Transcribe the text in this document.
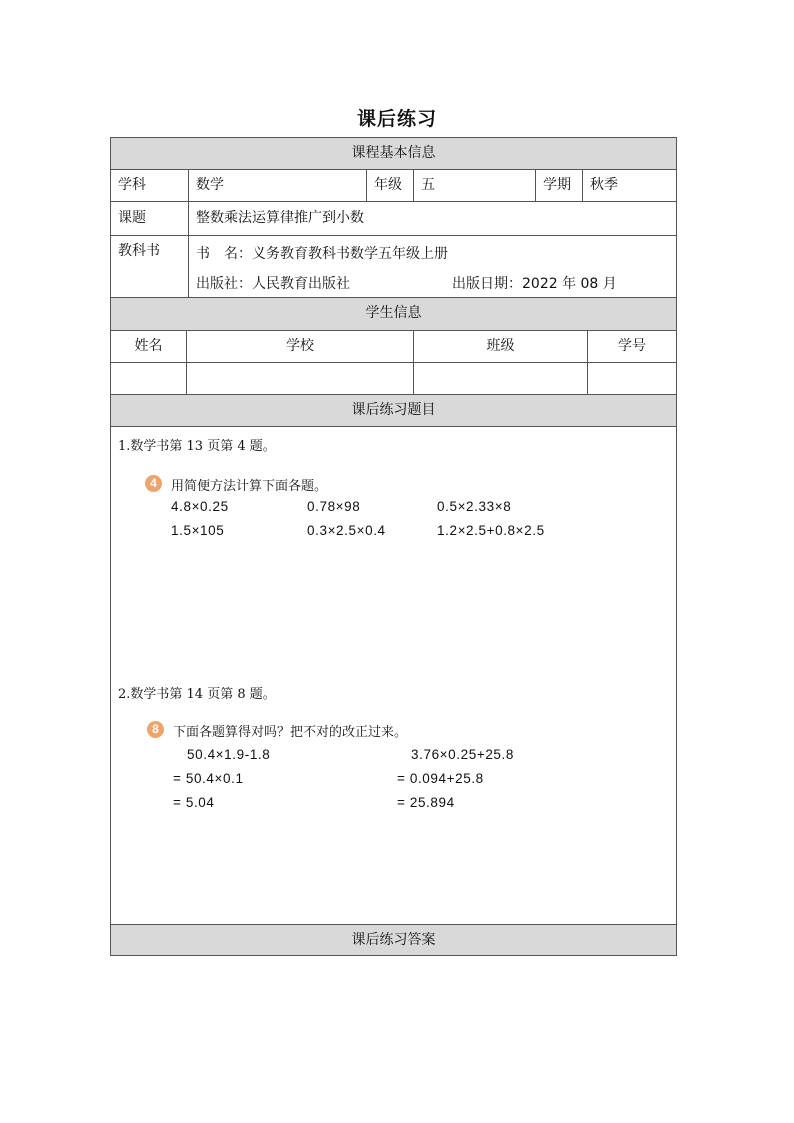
课后练习
课程基本信息
学科	数学	年级	五	学期	秋季
课题	整数乘法运算律推广到小数
教科书	书　名：义务教育教科书数学五年级上册
出版社：人民教育出版社	出版日期：2022 年 08 月
学生信息
姓名	学校	班级	学号
课后练习题目
1.数学书第 13 页第 4 题。
4	用简便方法计算下面各题。
4.8×0.25	0.78×98	0.5×2.33×8
1.5×105	0.3×2.5×0.4	1.2×2.5+0.8×2.5
2.数学书第 14 页第 8 题。
8	下面各题算得对吗？把不对的改正过来。
50.4×1.9-1.8
= 50.4×0.1
= 5.04
3.76×0.25+25.8
= 0.094+25.8
= 25.894
课后练习答案
